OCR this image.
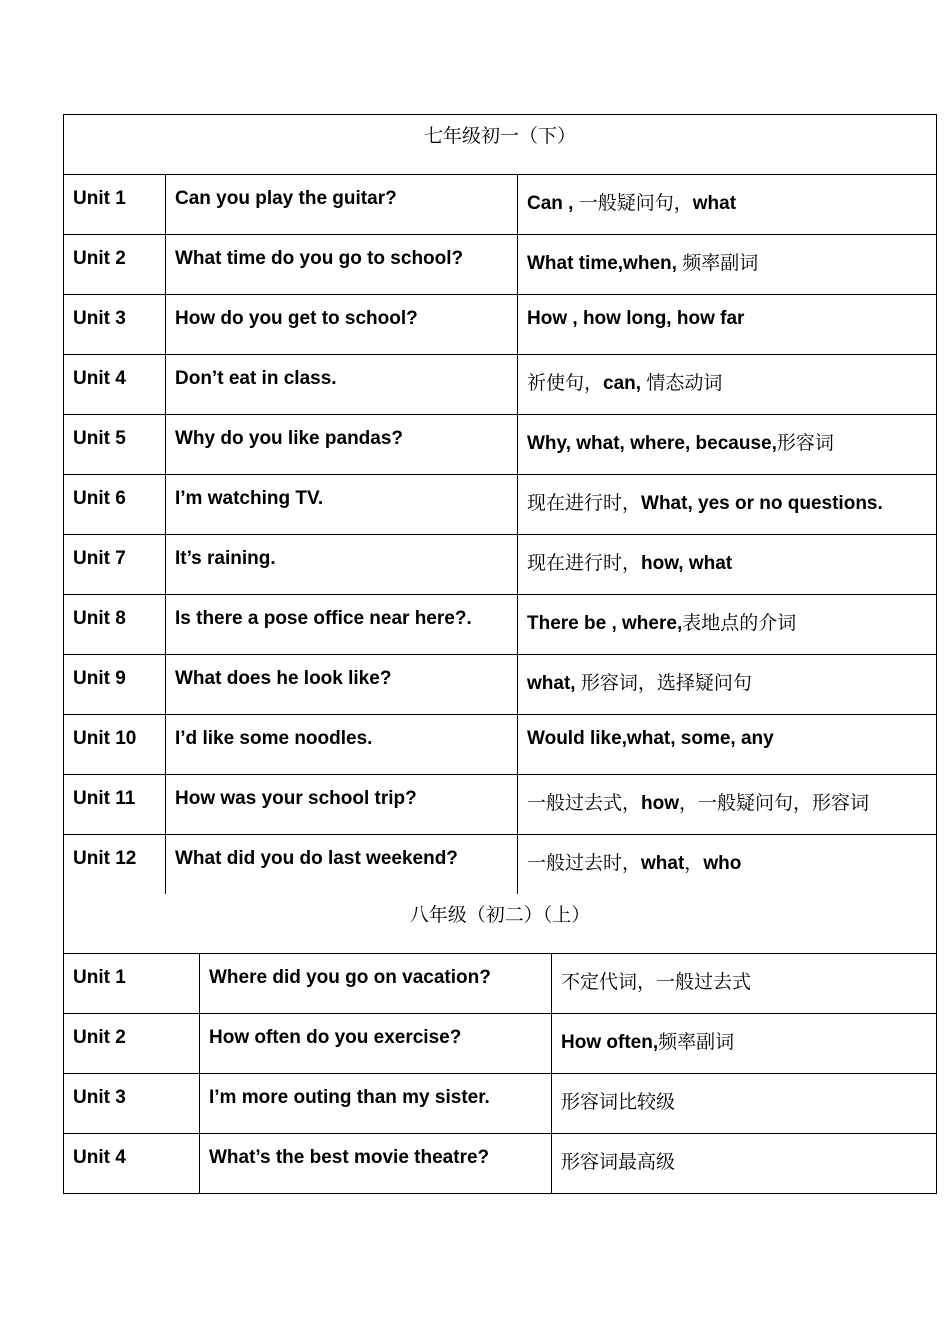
七年级初一（下）
Unit 1	Can you play the guitar?	Can , 一般疑问句，what
Unit 2	What time do you go to school?	What time,when, 频率副词
Unit 3	How do you get to school?	How , how long, how far
Unit 4	Don’t eat in class.	祈使句，can, 情态动词
Unit 5	Why do you like pandas?	Why, what, where, because,形容词
Unit 6	I’m watching TV.	现在进行时，What, yes or no questions.
Unit 7	It’s raining.	现在进行时，how, what
Unit 8	Is there a pose office near here?.	There be , where,表地点的介词
Unit 9	What does he look like?	what, 形容词，选择疑问句
Unit 10	I’d like some noodles.	Would like,what, some, any
Unit 11	How was your school trip?	一般过去式，how，一般疑问句，形容词
Unit 12	What did you do last weekend?	一般过去时，what，who
八年级（初二）（上）
Unit 1	Where did you go on vacation?	不定代词，一般过去式
Unit 2	How often do you exercise?	How often,频率副词
Unit 3	I’m more outing than my sister.	形容词比较级
Unit 4	What’s the best movie theatre?	形容词最高级
